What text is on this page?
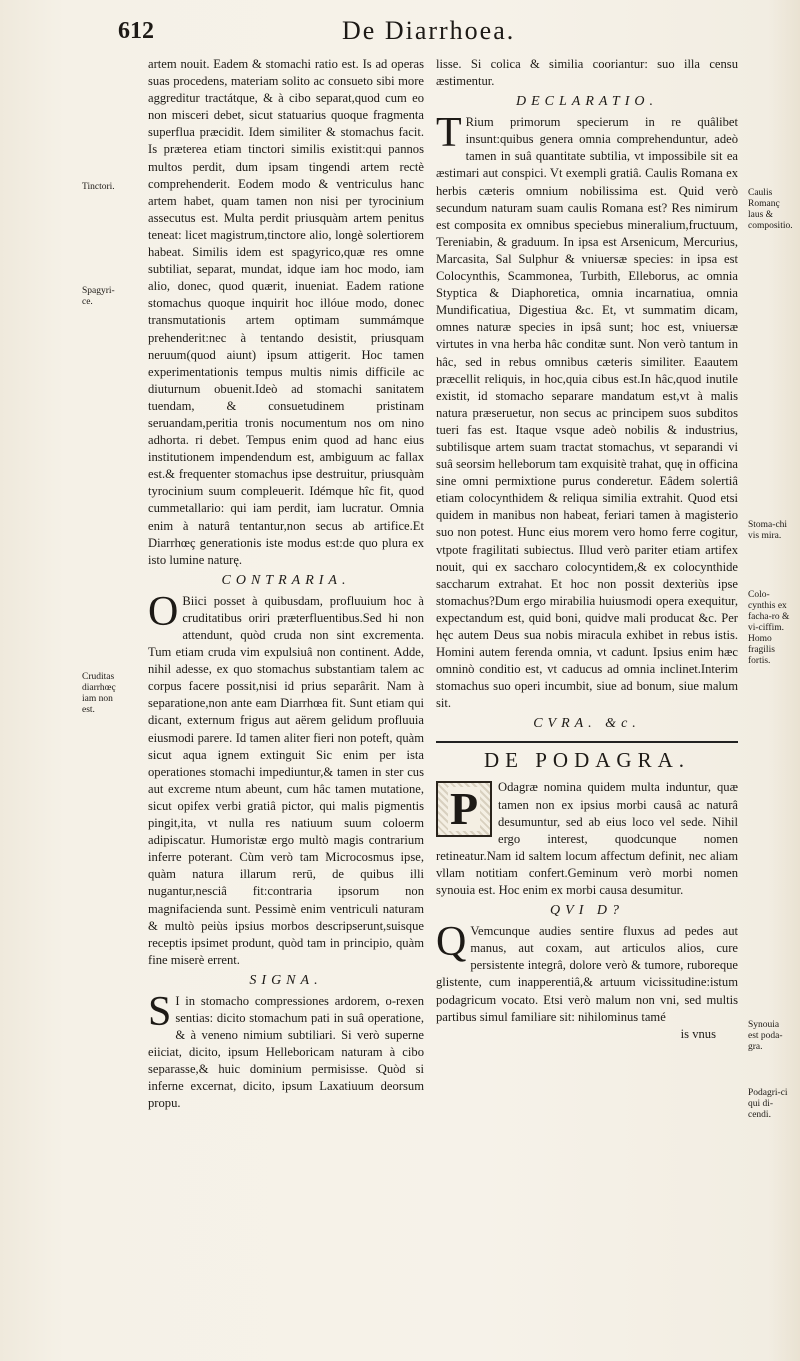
612	De Diarrhoea.
Tinctori.
Spagyri-ce.
Cruditas diarrhœç iam non est.
Caulis Romanç laus & compositio.
Stoma-chi vis mira.
Colo-cynthis ex facha-ro & vi-ciffim. Homo fragilis fortis.
Synouia est poda-gra.
Podagri-ci qui di-cendi.

artem nouit. Eadem & stomachi ratio est. Is ad operas suas procedens, materiam solito ac consueto sibi more aggreditur tractátque, & à cibo separat,quod cum eo non misceri debet, sicut statuarius quoque fragmenta superflua præcidit. Idem similiter & stomachus facit. Is præterea etiam tinctori similis existit:qui pannos multos perdit, dum ipsam tingendi artem rectè comprehenderit. Eodem modo & ventriculus hanc artem habet, quam tamen non nisi per tyrocinium assecutus est. Multa perdit priusquàm artem penitus teneat: licet magistrum,tinctore alio, longè solertiorem habeat. Similis idem est spagyrico,quæ res omne subtiliat, separat, mundat, idque iam hoc modo, iam alio, donec, quod quærit, inueniat. Eadem ratione stomachus quoque inquirit hoc illóue modo, donec transmutationis artem optimam summámque prehenderit:nec à tentando desistit, priusquam neruum(quod aiunt) ipsum attigerit. Hoc tamen experimentationis tempus multis nimis difficile ac diuturnum obuenit.Ideò ad stomachi sanitatem tuendam, & consuetudinem pristinam seruandam,peritia tronis nocumentum nos om nino adhorta. ri debet. Tempus enim quod ad hanc eius institutionem impendendum est, ambiguum ac fallax est.& frequenter stomachus ipse destruitur, priusquàm tyrocinium suum compleuerit. Idémque hîc fit, quod cummetallario: qui iam perdit, iam lucratur. Omnia enim à naturâ tentantur,non secus ab artifice.Et Diarrhœç generationis iste modus est:de quo plura ex isto lumine naturę.

CONTRARIA.

O Biici posset à quibusdam, profluuium hoc à cruditatibus oriri præterfluentibus.Sed hi non attendunt, quòd cruda non sint excrementa. Tum etiam cruda vim expulsiuâ non continent. Adde, nihil adesse, ex quo stomachus substantiam talem ac corpus facere possit,nisi id prius separârit. Nam à separatione,non ante eam Diarrhœa fit. Sunt etiam qui dicant, externum frigus aut aërem gelidum profluuia eiusmodi parere. Id tamen aliter fieri non poteft, quàm sicut aqua ignem extinguit Sic enim per ista operationes stomachi impediuntur,& tamen in ster cus aut excreme ntum abeunt, cum hâc tamen mutatione, sicut opifex verbi gratiâ pictor, qui malis pigmentis pingit,ita, vt nulla res natiuum suum coloerm adipiscatur. Humoristæ ergo multò magis contrarium inferre poterant. Cùm verò tam Microcosmus ipse, quàm natura illarum rerū, de quibus illi nugantur,nesciâ fit:contraria ipsorum non magnifacienda sunt. Pessimè enim ventriculi naturam & multò peiùs ipsius morbos descripserunt,suisque receptis ipsimet produnt, quòd tam in principio, quàm fine miserè errent.

SIGNA.

S I in stomacho compressiones ardorem, o-rexen sentias: dicito stomachum pati in suâ operatione, & à veneno nimium subtiliari. Si verò superne eiiciat, dicito, ipsum Helleboricam naturam à cibo separasse,& huic dominium permisisse. Quòd si inferne excernat, dicito, ipsum Laxatiuum deorsum propu.

lisse. Si colica & similia cooriantur: suo illa censu æstimentur.

DECLARATIO.

T Rium primorum specierum in re quâlibet insunt:quibus genera omnia comprehenduntur, adeò tamen in suâ quantitate subtilia, vt impossibile sit ea æstimari aut conspici. Vt exempli gratiâ. Caulis Romana ex herbis cæteris omnium nobilissima est. Quid verò secundum naturam suam caulis Romana est? Res nimirum est composita ex omnibus speciebus mineralium,fructuum, Tereniabin, & graduum. In ipsa est Arsenicum, Mercurius, Marcasita, Sal Sulphur & vniuersæ species: in ipsa est Colocynthis, Scammonea, Turbith, Elleborus, ac omnia Styptica & Diaphoretica, omnia incarnatiua, omnia Mundificatiua, Digestiua &c. Et, vt summatim dicam, omnes naturæ species in ipsâ sunt; hoc est, vniuersæ virtutes in vna herba hâc conditæ sunt. Non verò tantum in hâc, sed in rebus omnibus cæteris similiter. Eaautem præcellit reliquis, in hoc,quia cibus est.In hâc,quod inutile existit, id stomacho separare mandatum est,vt à malis natura præseruetur, non secus ac principem suos subditos tueri fas est. Itaque vsque adeò nobilis & industrius, subtilisque artem suam tractat stomachus, vt separandi vi suâ seorsim helleborum tam exquisitè trahat, quę in officina sine omni permixtione purus conderetur. Eâdem solertiâ etiam colocynthidem & reliqua similia extrahit. Quod etsi quidem in manibus non habeat, feriari tamen à magisterio suo non potest. Hunc eius morem vero homo ferre cogitur, vtpote fragilitati subiectus. Illud verò pariter etiam artifex nouit, qui ex saccharo colocyntidem,& ex colocynthide saccharum extrahat. Et hoc non possit dexteriùs ipse stomachus?Dum ergo mirabilia huiusmodi opera exequitur, expectandum est, quid boni, quidve mali producat &c. Per hęc autem Deus sua nobis miracula exhibet in rebus istis. Homini autem ferenda omnia, vt cadunt. Ipsius enim hæc omninò conditio est, vt caducus ad omnia inclinet.Interim stomachus suo operi incumbit, siue ad bonum, siue malum sit.

CVRA. &c.
DE PODAGRA.

P Odagræ nomina quidem multa induntur, quæ tamen non ex ipsius morbi causâ ac naturâ desumuntur, sed ab eius loco vel sede. Nihil ergo interest, quodcunque nomen retineatur.Nam id saltem locum affectum definit, nec aliam vllam notitiam confert.Geminum verò morbi nomen synouia est. Hoc enim ex morbi causa desumitur.

QVI D?

Q Vemcunque audies sentire fluxus ad pedes aut manus, aut coxam, aut articulos alios, cure persistente integrâ, dolore verò & tumore, ruboreque glistente, cum inapperentiâ,& artuum vicissitudine:istum podagricum vocato. Etsi verò malum non vni, sed multis partibus simul familiare sit: nihilominus tamé

is vnus
